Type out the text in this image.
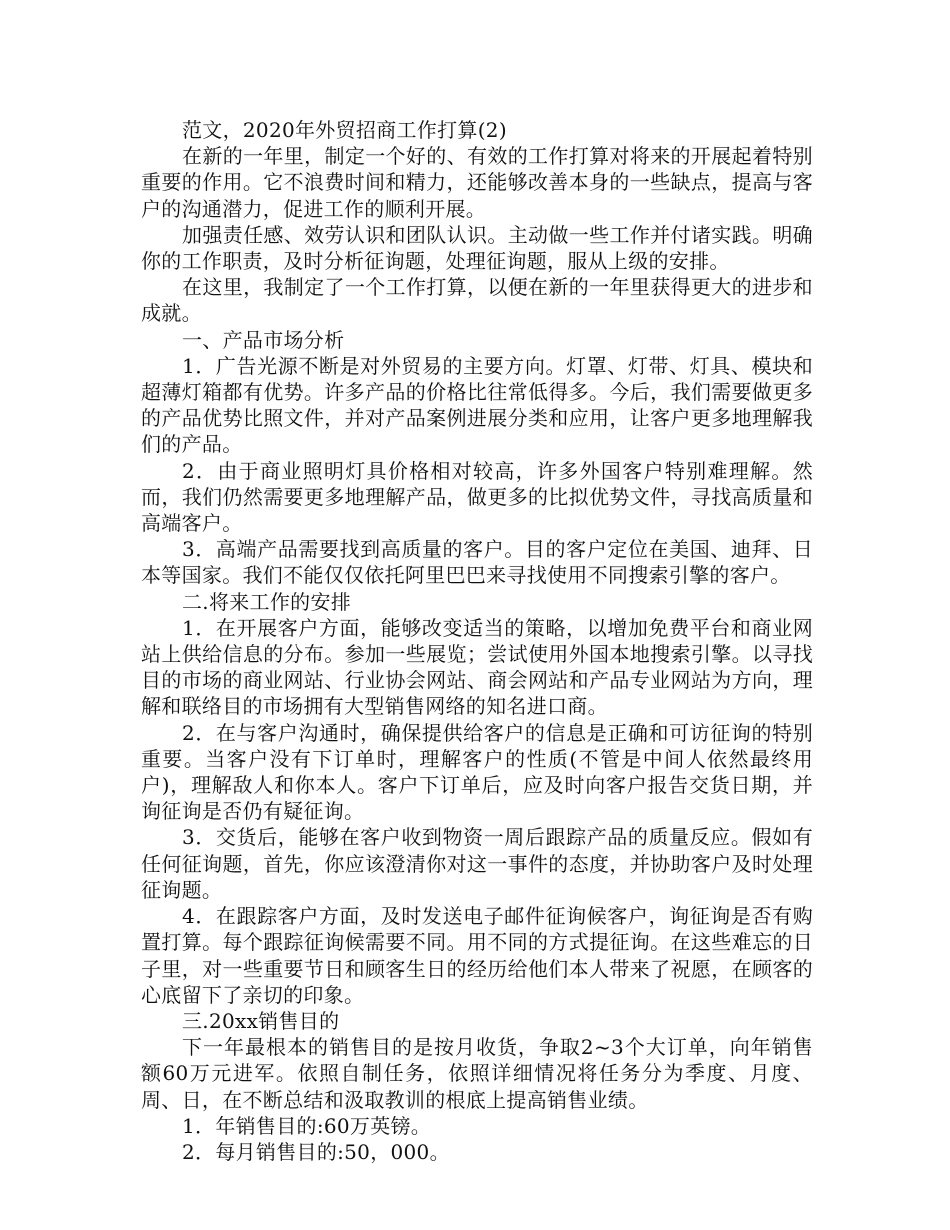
范文，2020年外贸招商工作打算(2)

在新的一年里，制定一个好的、有效的工作打算对将来的开展起着特别重要的作用。它不浪费时间和精力，还能够改善本身的一些缺点，提高与客户的沟通潜力，促进工作的顺利开展。

加强责任感、效劳认识和团队认识。主动做一些工作并付诸实践。明确你的工作职责，及时分析征询题，处理征询题，服从上级的安排。

在这里，我制定了一个工作打算，以便在新的一年里获得更大的进步和成就。

一、产品市场分析

1．广告光源不断是对外贸易的主要方向。灯罩、灯带、灯具、模块和超薄灯箱都有优势。许多产品的价格比往常低得多。今后，我们需要做更多的产品优势比照文件，并对产品案例进展分类和应用，让客户更多地理解我们的产品。

2．由于商业照明灯具价格相对较高，许多外国客户特别难理解。然而，我们仍然需要更多地理解产品，做更多的比拟优势文件，寻找高质量和高端客户。

3．高端产品需要找到高质量的客户。目的客户定位在美国、迪拜、日本等国家。我们不能仅仅依托阿里巴巴来寻找使用不同搜索引擎的客户。

二.将来工作的安排

1．在开展客户方面，能够改变适当的策略，以增加免费平台和商业网站上供给信息的分布。参加一些展览；尝试使用外国本地搜索引擎。以寻找目的市场的商业网站、行业协会网站、商会网站和产品专业网站为方向，理解和联络目的市场拥有大型销售网络的知名进口商。

2．在与客户沟通时，确保提供给客户的信息是正确和可访征询的特别重要。当客户没有下订单时，理解客户的性质(不管是中间人依然最终用户)，理解敌人和你本人。客户下订单后，应及时向客户报告交货日期，并询征询是否仍有疑征询。

3．交货后，能够在客户收到物资一周后跟踪产品的质量反应。假如有任何征询题，首先，你应该澄清你对这一事件的态度，并协助客户及时处理征询题。

4．在跟踪客户方面，及时发送电子邮件征询候客户，询征询是否有购置打算。每个跟踪征询候需要不同。用不同的方式提征询。在这些难忘的日子里，对一些重要节日和顾客生日的经历给他们本人带来了祝愿，在顾客的心底留下了亲切的印象。

三.20xx销售目的

下一年最根本的销售目的是按月收货，争取2~3个大订单，向年销售额60万元进军。依照自制任务，依照详细情况将任务分为季度、月度、周、日，在不断总结和汲取教训的根底上提高销售业绩。

1．年销售目的:60万英镑。

2．每月销售目的:50，000。
